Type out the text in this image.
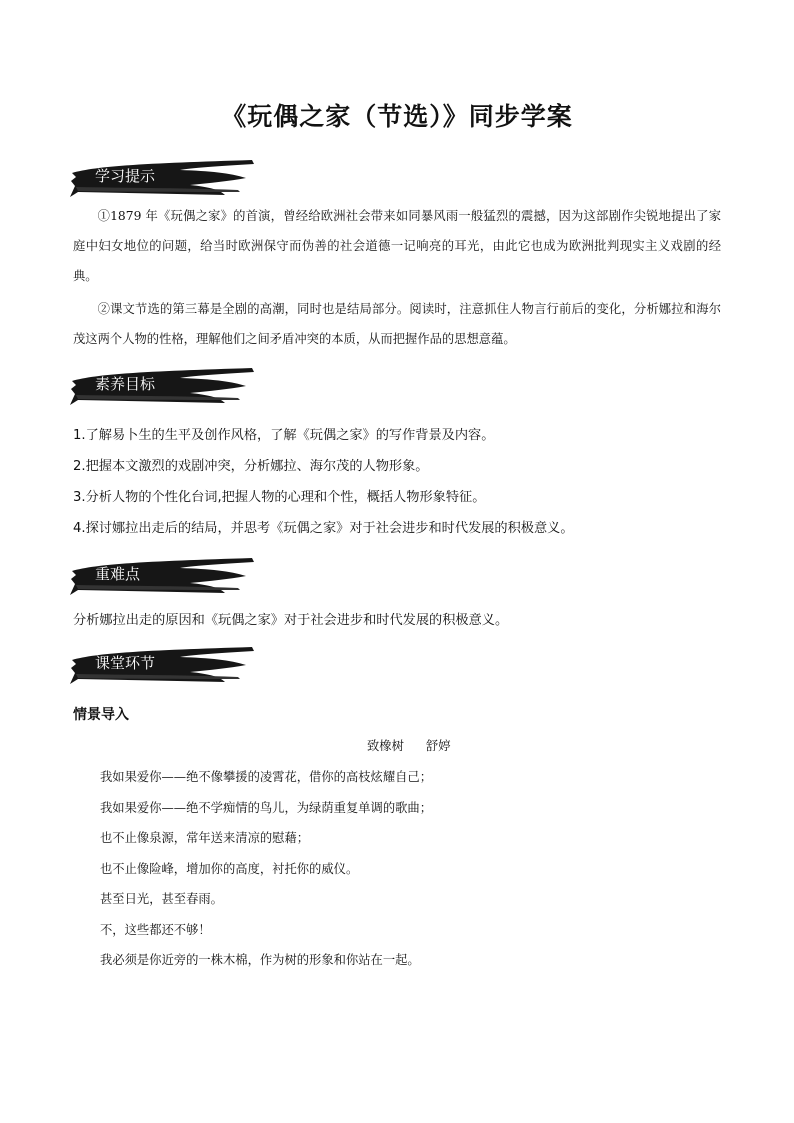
《玩偶之家（节选）》同步学案
学习提示

①1879 年《玩偶之家》的首演，曾经给欧洲社会带来如同暴风雨一般猛烈的震撼，因为这部剧作尖锐地提出了家庭中妇女地位的问题，给当时欧洲保守而伪善的社会道德一记响亮的耳光，由此它也成为欧洲批判现实主义戏剧的经典。

②课文节选的第三幕是全剧的高潮，同时也是结局部分。阅读时，注意抓住人物言行前后的变化，分析娜拉和海尔茂这两个人物的性格，理解他们之间矛盾冲突的本质，从而把握作品的思想意蕴。

素养目标
1.了解易卜生的生平及创作风格，了解《玩偶之家》的写作背景及内容。
2.把握本文激烈的戏剧冲突，分析娜拉、海尔茂的人物形象。
3.分析人物的个性化台词,把握人物的心理和个性，概括人物形象特征。
4.探讨娜拉出走后的结局，并思考《玩偶之家》对于社会进步和时代发展的积极意义。
重难点
分析娜拉出走的原因和《玩偶之家》对于社会进步和时代发展的积极意义。
课堂环节
情景导入
致橡树 舒婷
我如果爱你——绝不像攀援的凌霄花，借你的高枝炫耀自己；
我如果爱你——绝不学痴情的鸟儿，为绿荫重复单调的歌曲；
也不止像泉源，常年送来清凉的慰藉；
也不止像险峰，增加你的高度，衬托你的威仪。
甚至日光，甚至春雨。
不，这些都还不够！
我必须是你近旁的一株木棉，作为树的形象和你站在一起。
